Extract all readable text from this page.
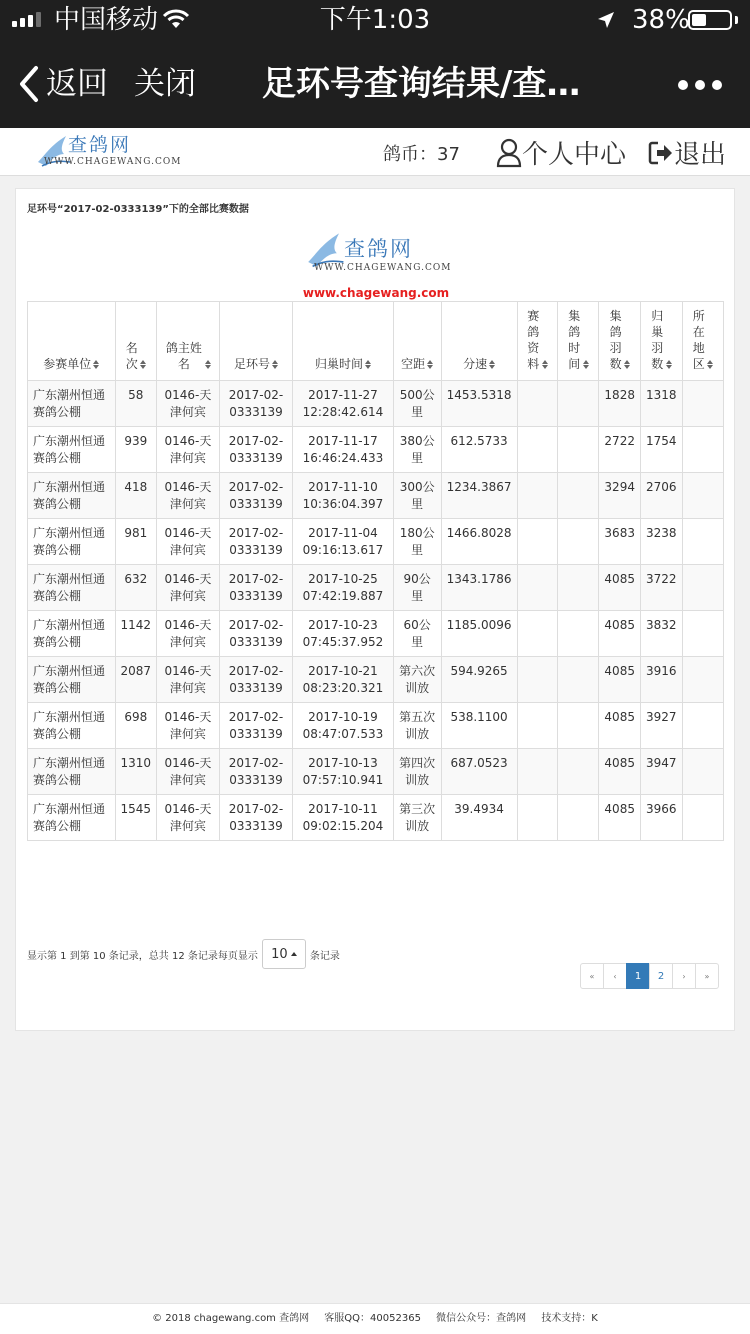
中国移动	下午1:03	38%
返回 关闭 足环号查询结果/查…
查鸽网
WWW.CHAGEWANG.COM	鸽币：37 个人中心 退出
足环号“2017-02-0333139”下的全部比赛数据
查鸽网
WWW.CHAGEWANG.COM
www.chagewang.com
参赛单位	名次	鸽主姓名	足环号	归巢时间	空距	分速	赛鸽资料	集鸽时间	集鸽羽数	归巢羽数	所在地区

广东潮州恒通赛鸽公棚	58	0146-天津何宾	2017-02-0333139	2017-11-27 12:28:42.614	500公里	1453.5318			1828	1318	
广东潮州恒通赛鸽公棚	939	0146-天津何宾	2017-02-0333139	2017-11-17 16:46:24.433	380公里	612.5733			2722	1754	
广东潮州恒通赛鸽公棚	418	0146-天津何宾	2017-02-0333139	2017-11-10 10:36:04.397	300公里	1234.3867			3294	2706	
广东潮州恒通赛鸽公棚	981	0146-天津何宾	2017-02-0333139	2017-11-04 09:16:13.617	180公里	1466.8028			3683	3238	
广东潮州恒通赛鸽公棚	632	0146-天津何宾	2017-02-0333139	2017-10-25 07:42:19.887	90公里	1343.1786			4085	3722	
广东潮州恒通赛鸽公棚	1142	0146-天津何宾	2017-02-0333139	2017-10-23 07:45:37.952	60公里	1185.0096			4085	3832	
广东潮州恒通赛鸽公棚	2087	0146-天津何宾	2017-02-0333139	2017-10-21 08:23:20.321	第六次训放	594.9265			4085	3916	
广东潮州恒通赛鸽公棚	698	0146-天津何宾	2017-02-0333139	2017-10-19 08:47:07.533	第五次训放	538.1100			4085	3927	
广东潮州恒通赛鸽公棚	1310	0146-天津何宾	2017-02-0333139	2017-10-13 07:57:10.941	第四次训放	687.0523			4085	3947	
广东潮州恒通赛鸽公棚	1545	0146-天津何宾	2017-02-0333139	2017-10-11 09:02:15.204	第三次训放	39.4934			4085	3966	
显示第 1 到第 10 条记录，总共 12 条记录每页显示 10 条记录
«	‹	1	2	›	»
© 2018 chagewang.com 查鸽网 客服QQ：40052365 微信公众号：查鸽网 技术支持：K
